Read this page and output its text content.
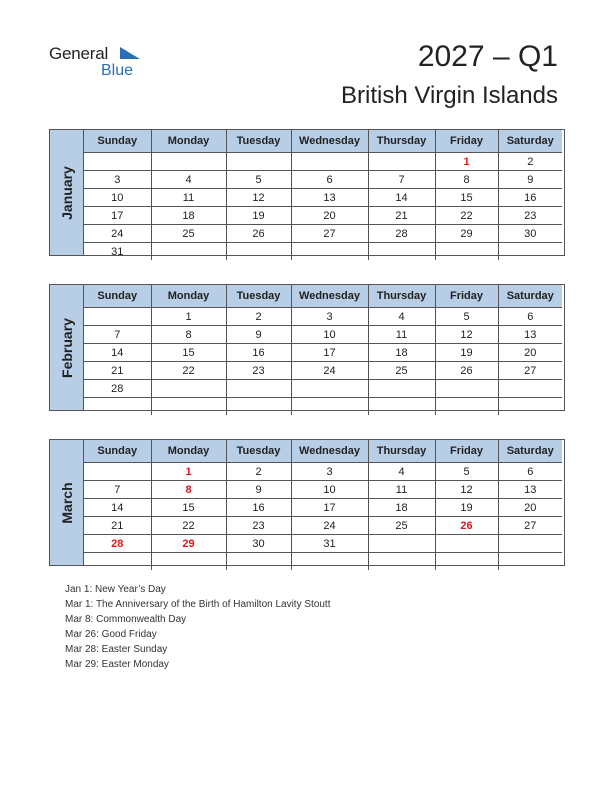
General
Blue	2027 – Q1
British Virgin Islands
January
Sunday	Monday	Tuesday	Wednesday	Thursday	Friday	Saturday
					1	2
3	4	5	6	7	8	9
10	11	12	13	14	15	16
17	18	19	20	21	22	23
24	25	26	27	28	29	30
31						
February
Sunday	Monday	Tuesday	Wednesday	Thursday	Friday	Saturday
	1	2	3	4	5	6
7	8	9	10	11	12	13
14	15	16	17	18	19	20
21	22	23	24	25	26	27
28						

March
Sunday	Monday	Tuesday	Wednesday	Thursday	Friday	Saturday
	1	2	3	4	5	6
7	8	9	10	11	12	13
14	15	16	17	18	19	20
21	22	23	24	25	26	27
28	29	30	31			

Jan 1: New Year’s Day
Mar 1: The Anniversary of the Birth of Hamilton Lavity Stoutt
Mar 8: Commonwealth Day
Mar 26: Good Friday
Mar 28: Easter Sunday
Mar 29: Easter Monday
